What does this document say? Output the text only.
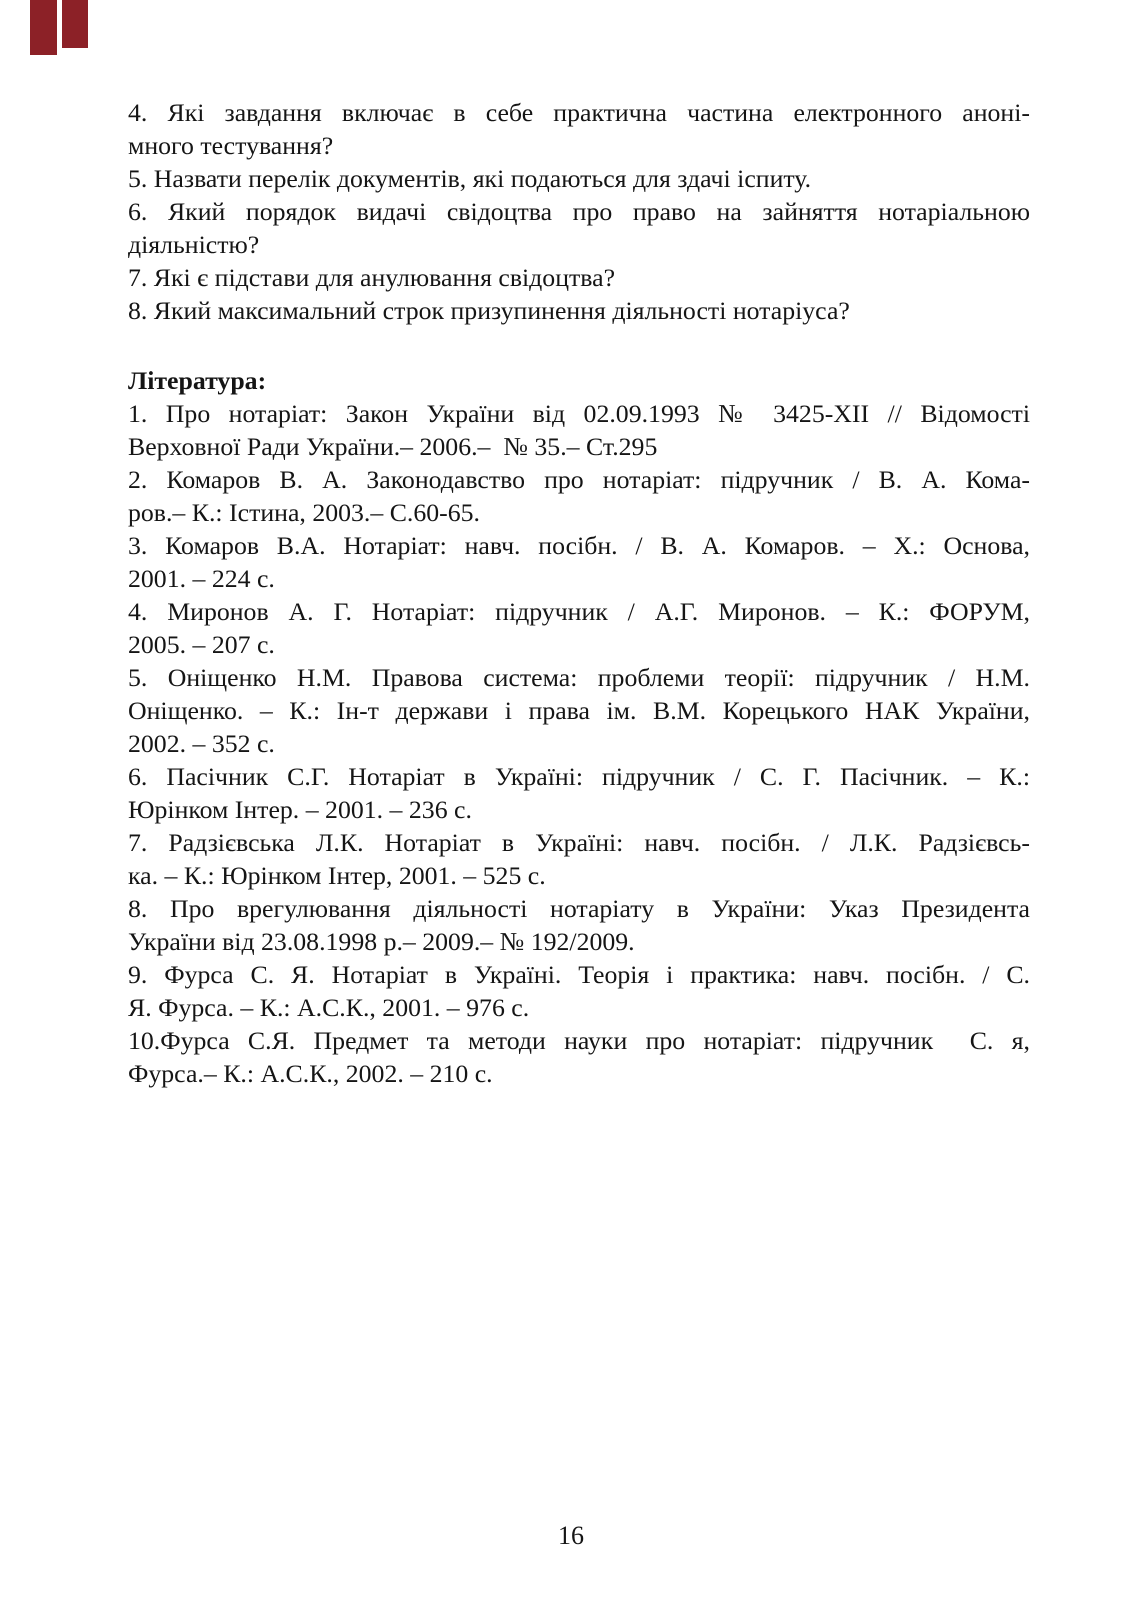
4. Які завдання включає в себе практична частина електронного аноні-
много тестування?
5. Назвати перелік документів, які подаються для здачі іспиту.
6. Який порядок видачі свідоцтва про право на зайняття нотаріальною
діяльністю?
7. Які є підстави для анулювання свідоцтва?
8. Який максимальний строк призупинення діяльності нотаріуса?
Література:
1. Про нотаріат: Закон України від 02.09.1993 № 3425-XII // Відомості
Верховної Ради України.– 2006.–  № 35.– Ст.295
2. Комаров В. А. Законодавство про нотаріат: підручник / В. А. Кома-
ров.– К.: Істина, 2003.– С.60-65.
3. Комаров В.А. Нотаріат: навч. посібн. / В. А. Комаров. – Х.: Основа,
2001. – 224 с.
4. Миронов А. Г. Нотаріат: підручник / А.Г. Миронов. – К.: ФОРУМ,
2005. – 207 с.
5. Оніщенко Н.М. Правова система: проблеми теорії: підручник / Н.М.
Оніщенко. – К.: Ін-т держави і права ім. В.М. Корецького НАК України,
2002. – 352 с.
6. Пасічник С.Г. Нотаріат в Україні: підручник / С. Г. Пасічник. – К.:
Юрінком Інтер. – 2001. – 236 с.
7. Радзієвська Л.К. Нотаріат в Україні: навч. посібн. / Л.К. Радзієвсь-
ка. – К.: Юрінком Інтер, 2001. – 525 с.
8. Про врегулювання діяльності нотаріату в України: Указ Президента
України від 23.08.1998 р.– 2009.– № 192/2009.
9. Фурса С. Я. Нотаріат в Україні. Теорія і практика: навч. посібн. / С.
Я. Фурса. – К.: А.С.К., 2001. – 976 с.
10.Фурса С.Я. Предмет та методи науки про нотаріат: підручник  С. я,
Фурса.– К.: А.С.К., 2002. – 210 с.
16
